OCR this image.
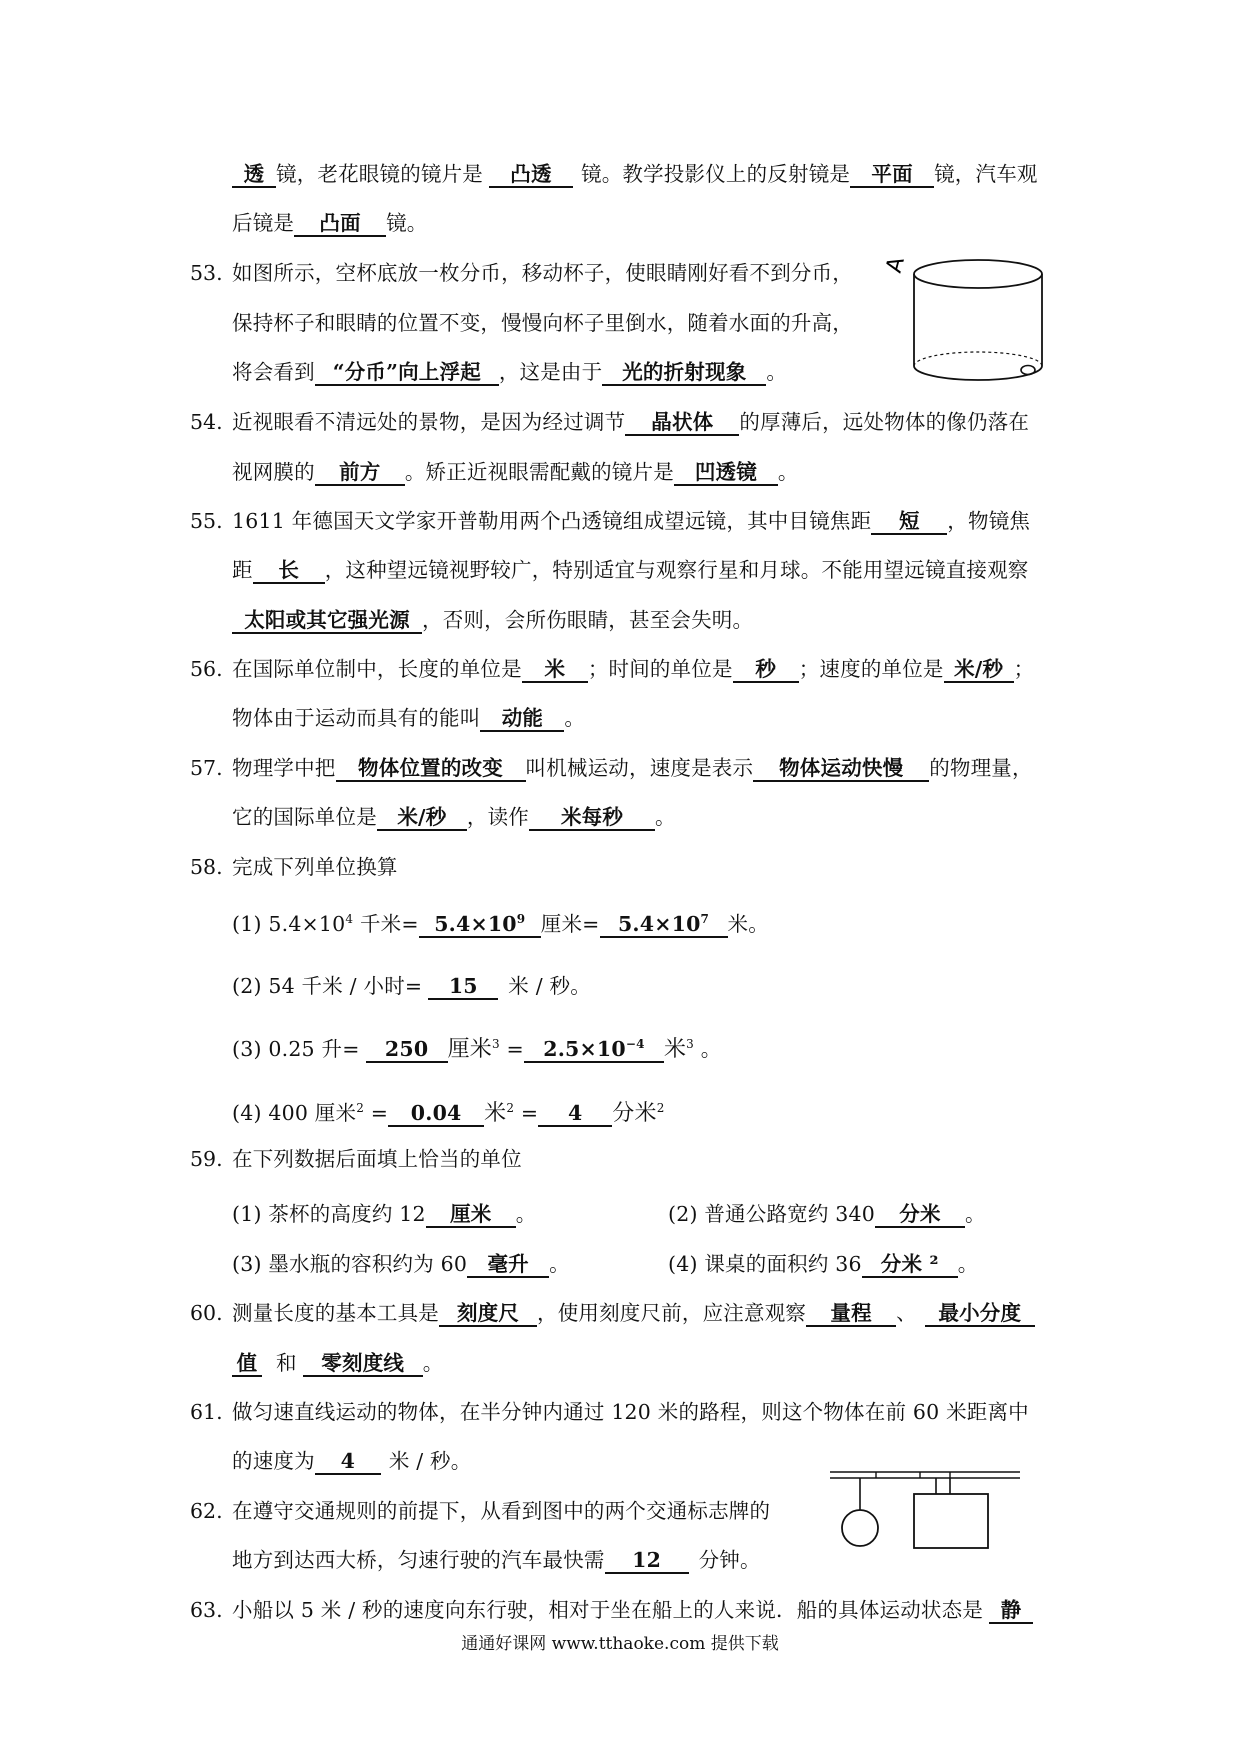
透 镜，老花眼镜的镜片是 凸透 镜。教学投影仪上的反射镜是 平面 镜，汽车观
后镜是 凸面 镜。
53. 如图所示，空杯底放一枚分币，移动杯子，使眼睛刚好看不到分币，
保持杯子和眼睛的位置不变，慢慢向杯子里倒水，随着水面的升高，
将会看到 “分币”向上浮起 ，这是由于 光的折射现象 。
A
54. 近视眼看不清远处的景物，是因为经过调节 晶状体 的厚薄后，远处物体的像仍落在
视网膜的 前方 。矫正近视眼需配戴的镜片是 凹透镜 。
55. 1611 年德国天文学家开普勒用两个凸透镜组成望远镜，其中目镜焦距 短 ，物镜焦
距 长 ，这种望远镜视野较广，特别适宜与观察行星和月球。不能用望远镜直接观察
太阳或其它强光源 ，否则，会所伤眼睛，甚至会失明。
56. 在国际单位制中，长度的单位是 米 ；时间的单位是 秒 ；速度的单位是 米/秒 ；
物体由于运动而具有的能叫 动能 。
57. 物理学中把 物体位置的改变 叫机械运动，速度是表示 物体运动快慢 的物理量，
它的国际单位是 米/秒 ，读作 米每秒 。
58. 完成下列单位换算
(1) $5.4\times 10^4$ 千米= $5.4\times 10^9$ 厘米= $5.4\times 10^7$ 米。
(2) 54 千米 / 小时= 15 米 / 秒。
(3) 0.25 升= 250 厘米$^3 = 2.5\times 10^{-4}$ 米$^3$ 。
(4) 400 厘米$^2$ = 0.04 米$^2$ = 4 分米$^2$
59. 在下列数据后面填上恰当的单位
(1) 茶杯的高度约 12 厘米 。	(2) 普通公路宽约 340 分米 。
(3) 墨水瓶的容积约为 60 毫升 。	(4) 课桌的面积约 36 分米 ² 。
60. 测量长度的基本工具是 刻度尺 ，使用刻度尺前，应注意观察 量程 、 最小分度
值 和 零刻度线 。
61. 做匀速直线运动的物体，在半分钟内通过 120 米的路程，则这个物体在前 60 米距离中
的速度为 4 米 / 秒。
62. 在遵守交通规则的前提下，从看到图中的两个交通标志牌的
地方到达西大桥，匀速行驶的汽车最快需 12 分钟。
63. 小船以 5 米 / 秒的速度向东行驶，相对于坐在船上的人来说．船的具体运动状态是 静
通通好课网 www.tthaoke.com 提供下载
